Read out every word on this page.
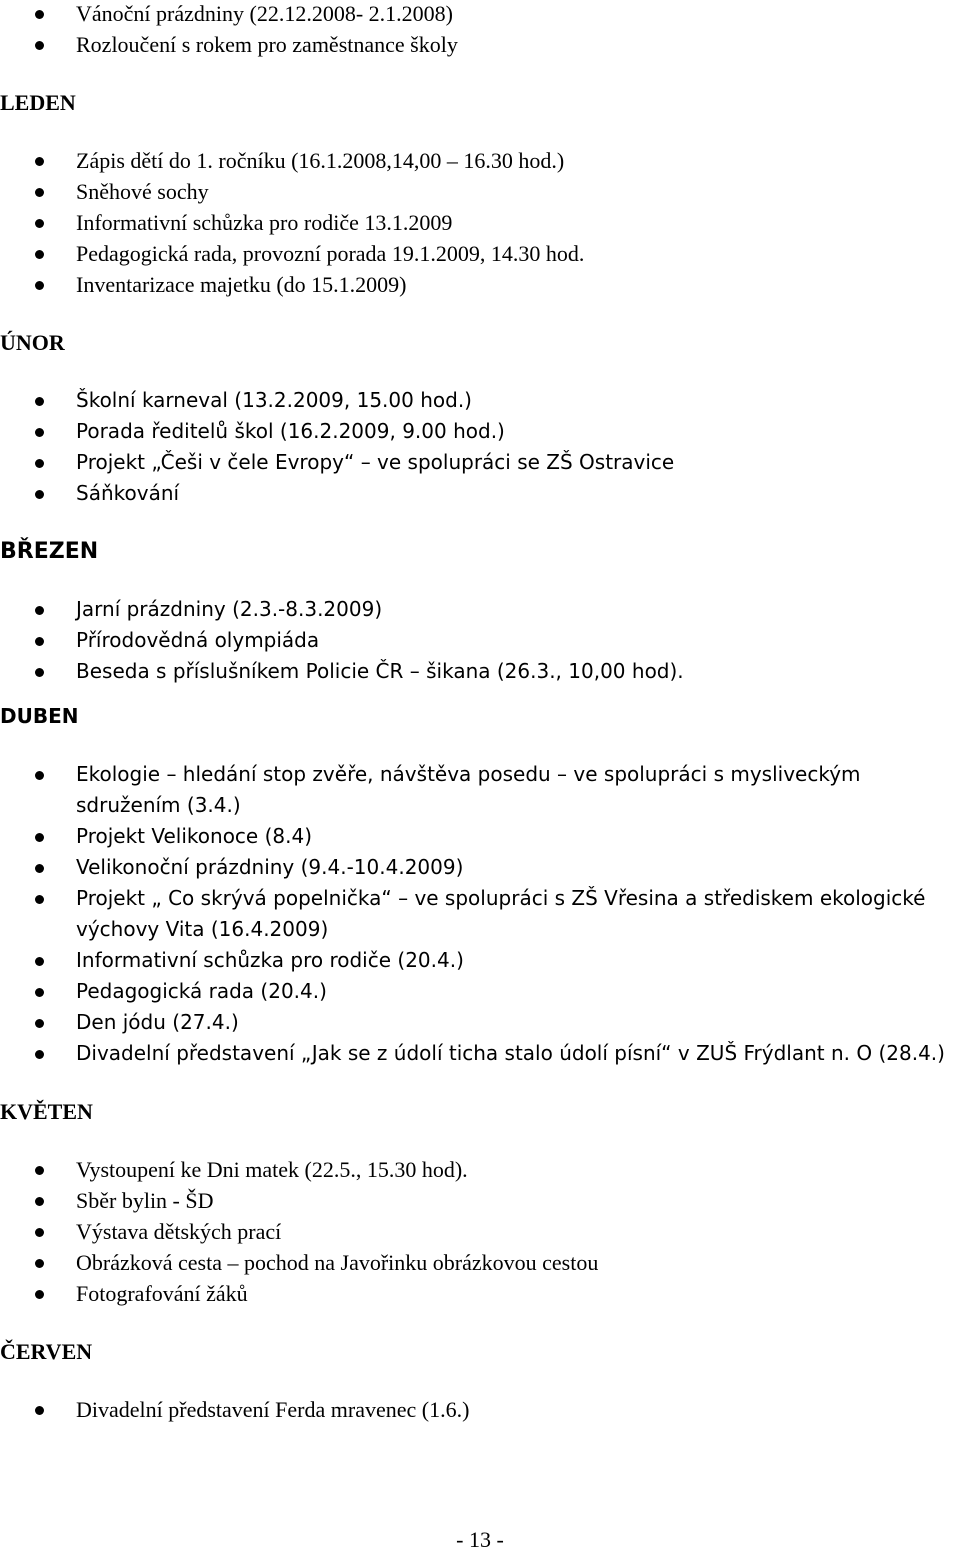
Vánoční prázdniny (22.12.2008- 2.1.2008)
Rozloučení s rokem pro zaměstnance školy
LEDEN
Zápis dětí do 1. ročníku (16.1.2008,14,00 – 16.30 hod.)
Sněhové sochy
Informativní schůzka pro rodiče 13.1.2009
Pedagogická rada, provozní porada 19.1.2009, 14.30 hod.
Inventarizace majetku (do 15.1.2009)
ÚNOR
Školní karneval (13.2.2009, 15.00 hod.)
Porada ředitelů škol (16.2.2009, 9.00 hod.)
Projekt „Češi v čele Evropy“ – ve spolupráci se ZŠ Ostravice
Sáňkování
BŘEZEN
Jarní prázdniny (2.3.-8.3.2009)
Přírodovědná olympiáda
Beseda s příslušníkem Policie ČR – šikana (26.3., 10,00 hod).
DUBEN
Ekologie – hledání stop zvěře, návštěva posedu – ve spolupráci s mysliveckým sdružením (3.4.)
Projekt Velikonoce (8.4)
Velikonoční prázdniny (9.4.-10.4.2009)
Projekt „ Co skrývá popelnička“ – ve spolupráci s ZŠ Vřesina a střediskem ekologické výchovy Vita (16.4.2009)
Informativní schůzka pro rodiče (20.4.)
Pedagogická rada (20.4.)
Den jódu (27.4.)
Divadelní představení „Jak se z údolí ticha stalo údolí písní“ v ZUŠ Frýdlant n. O (28.4.)
KVĚTEN
Vystoupení ke Dni matek (22.5., 15.30 hod).
Sběr bylin - ŠD
Výstava dětských prací
Obrázková cesta – pochod na Javořinku obrázkovou cestou
Fotografování žáků
ČERVEN
Divadelní představení Ferda mravenec (1.6.)
- 13 -
